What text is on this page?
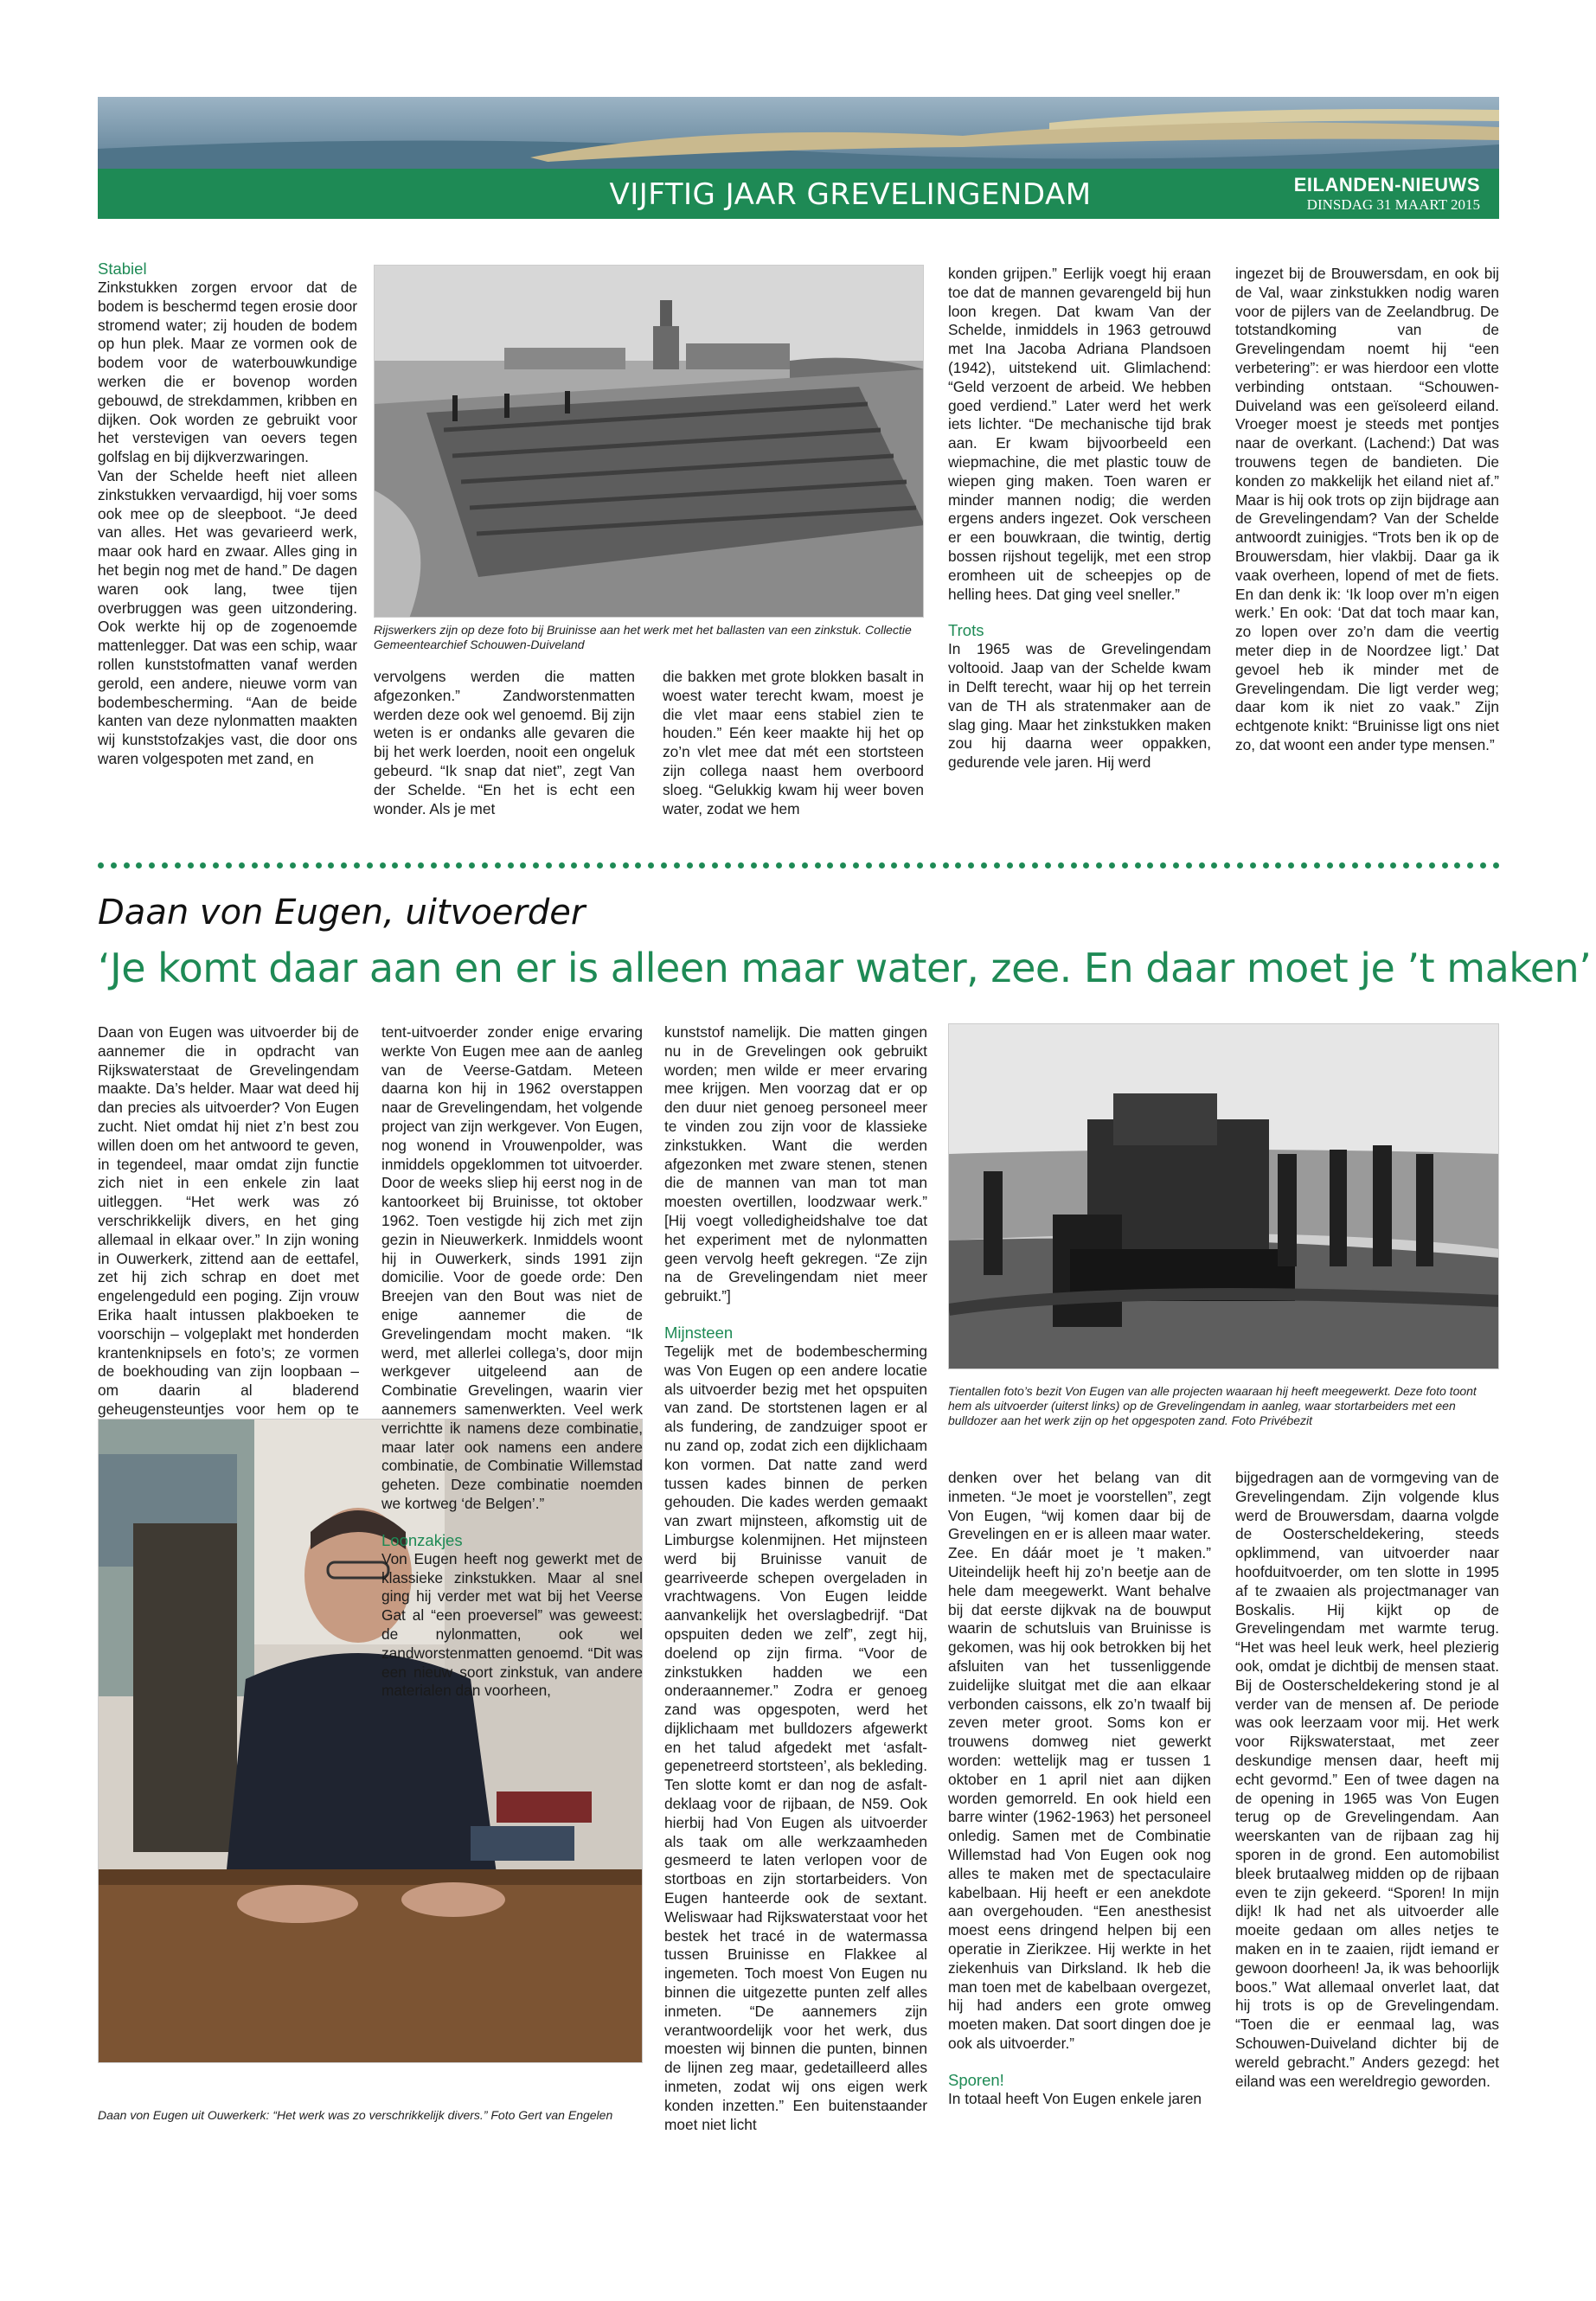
VIJFTIG JAAR GREVELINGENDAM	EILANDEN-NIEUWS
DINSDAG 31 MAART 2015
Stabiel

Zinkstukken zorgen ervoor dat de bodem is beschermd tegen erosie door stromend water; zij houden de bodem op hun plek. Maar ze vormen ook de bodem voor de waterbouwkundige werken die er bovenop worden gebouwd, de strekdammen, kribben en dijken. Ook worden ze gebruikt voor het verstevigen van oevers tegen golfslag en bij dijkverzwaringen.

Van der Schelde heeft niet alleen zinkstukken vervaardigd, hij voer soms ook mee op de sleepboot. “Je deed van alles. Het was gevarieerd werk, maar ook hard en zwaar. Alles ging in het begin nog met de hand.” De dagen waren ook lang, twee tijen overbruggen was geen uitzondering. Ook werkte hij op de zogenoemde mattenlegger. Dat was een schip, waar rollen kunststofmatten vanaf werden gerold, een andere, nieuwe vorm van bodembescherming. “Aan de beide kanten van deze nylonmatten maakten wij kunststofzakjes vast, die door ons waren volgespoten met zand, en

Rijswerkers zijn op deze foto bij Bruinisse aan het werk met het ballasten van een zinkstuk. Collectie Gemeentearchief Schouwen-Duiveland
vervolgens werden die matten afgezonken.” Zandworstenmatten werden deze ook wel genoemd. Bij zijn weten is er ondanks alle gevaren die bij het werk loerden, nooit een ongeluk gebeurd. “Ik snap dat niet”, zegt Van der Schelde. “En het is echt een wonder. Als je met
die bakken met grote blokken basalt in woest water terecht kwam, moest je die vlet maar eens stabiel zien te houden.” Eén keer maakte hij het op zo’n vlet mee dat mét een stortsteen zijn collega naast hem overboord sloeg. “Gelukkig kwam hij weer boven water, zodat we hem

konden grijpen.” Eerlijk voegt hij eraan toe dat de mannen gevarengeld bij hun loon kregen. Dat kwam Van der Schelde, inmiddels in 1963 getrouwd met Ina Jacoba Adriana Plandsoen (1942), uitstekend uit. Glimlachend: “Geld verzoent de arbeid. We hebben goed verdiend.” Later werd het werk iets lichter. “De mechanische tijd brak aan. Er kwam bijvoorbeeld een wiepmachine, die met plastic touw de wiepen ging maken. Toen waren er minder mannen nodig; die werden ergens anders ingezet. Ook verscheen er een bouwkraan, die twintig, dertig bossen rijshout tegelijk, met een strop eromheen uit de scheepjes op de helling hees. Dat ging veel sneller.”

Trots

In 1965 was de Grevelingendam voltooid. Jaap van der Schelde kwam in Delft terecht, waar hij op het terrein van de TH als stratenmaker aan de slag ging. Maar het zinkstukken maken zou hij daarna weer oppakken, gedurende vele jaren. Hij werd

ingezet bij de Brouwersdam, en ook bij de Val, waar zinkstukken nodig waren voor de pijlers van de Zeelandbrug. De totstandkoming van de Grevelingendam noemt hij “een verbetering”: er was hierdoor een vlotte verbinding ontstaan. “Schouwen-Duiveland was een geïsoleerd eiland. Vroeger moest je steeds met pontjes naar de overkant. (Lachend:) Dat was trouwens tegen de bandieten. Die konden zo makkelijk het eiland niet af.” Maar is hij ook trots op zijn bijdrage aan de Grevelingendam? Van der Schelde antwoordt zuinigjes. “Trots ben ik op de Brouwersdam, hier vlakbij. Daar ga ik vaak overheen, lopend of met de fiets. En dan denk ik: ‘Ik loop over m’n eigen werk.’ En ook: ‘Dat dat toch maar kan, zo lopen over zo’n dam die veertig meter diep in de Noordzee ligt.’ Dat gevoel heb ik minder met de Grevelingendam. Die ligt verder weg; daar kom ik niet zo vaak.” Zijn echtgenote knikt: “Bruinisse ligt ons niet zo, dat woont een ander type mensen.”
Daan von Eugen, uitvoerder
‘Je komt daar aan en er is alleen maar water, zee. En daar moet je ’t maken’

Daan von Eugen was uitvoerder bij de aannemer die in opdracht van Rijkswaterstaat de Grevelingendam maakte. Da’s helder. Maar wat deed hij dan precies als uitvoerder? Von Eugen zucht. Niet omdat hij niet z’n best zou willen doen om het antwoord te geven, in tegendeel, maar omdat zijn functie zich niet in een enkele zin laat uitleggen. “Het werk was zó verschrikkelijk divers, en het ging allemaal in elkaar over.” In zijn woning in Ouwerkerk, zittend aan de eettafel, zet hij zich schrap en doet met engelengeduld een poging. Zijn vrouw Erika haalt intussen plakboeken te voorschijn – volgeplakt met honderden krantenknipsels en foto’s; ze vormen de boekhouding van zijn loopbaan – om daarin al bladerend geheugensteuntjes voor hem op te

Daan von Eugen uit Ouwerkerk: “Het werk was zo verschrikkelijk divers.” Foto Gert van Engelen

tent-uitvoerder zonder enige ervaring werkte Von Eugen mee aan de aanleg van de Veerse-Gatdam. Meteen daarna kon hij in 1962 overstappen naar de Grevelingendam, het volgende project van zijn werkgever. Von Eugen, nog wonend in Vrouwenpolder, was inmiddels opgeklommen tot uitvoerder. Door de weeks sliep hij eerst nog in de kantoorkeet bij Bruinisse, tot oktober 1962. Toen vestigde hij zich met zijn gezin in Nieuwerkerk. Inmiddels woont hij in Ouwerkerk, sinds 1991 zijn domicilie. Voor de goede orde: Den Breejen van den Bout was niet de enige aannemer die de Grevelingendam mocht maken. “Ik werd, met allerlei collega’s, door mijn werkgever uitgeleend aan de Combinatie Grevelingen, waarin vier aannemers samenwerkten. Veel werk verrichtte ik namens deze combinatie, maar later ook namens een andere combinatie, de Combinatie Willemstad geheten. Deze combinatie noemden we kortweg ‘de Belgen’.”

Loonzakjes

Von Eugen heeft nog gewerkt met de klassieke zinkstukken. Maar al snel ging hij verder met wat bij het Veerse Gat al “een proeversel” was geweest: de nylonmatten, ook wel zandworstenmatten genoemd. “Dit was een nieuw soort zinkstuk, van andere materialen dan voorheen,

kunststof namelijk. Die matten gingen nu in de Grevelingen ook gebruikt worden; men wilde er meer ervaring mee krijgen. Men voorzag dat er op den duur niet genoeg personeel meer te vinden zou zijn voor de klassieke zinkstukken. Want die werden afgezonken met zware stenen, stenen die de mannen van man tot man moesten overtillen, loodzwaar werk.” [Hij voegt volledigheidshalve toe dat het experiment met de nylonmatten geen vervolg heeft gekregen. “Ze zijn na de Grevelingendam niet meer gebruikt.”]

Mijnsteen

Tegelijk met de bodembescherming was Von Eugen op een andere locatie als uitvoerder bezig met het opspuiten van zand. De stortstenen lagen er al als fundering, de zandzuiger spoot er nu zand op, zodat zich een dijklichaam kon vormen. Dat natte zand werd tussen kades binnen de perken gehouden. Die kades werden gemaakt van zwart mijnsteen, afkomstig uit de Limburgse kolenmijnen. Het mijnsteen werd bij Bruinisse vanuit de gearriveerde schepen overgeladen in vrachtwagens. Von Eugen leidde aanvankelijk het overslagbedrijf. “Dat opspuiten deden we zelf”, zegt hij, doelend op zijn firma. “Voor de zinkstukken hadden we een onderaannemer.” Zodra er genoeg zand was opgespoten, werd het dijklichaam met bulldozers afgewerkt en het talud afgedekt met ‘asfalt-gepenetreerd stortsteen’, als bekleding. Ten slotte komt er dan nog de asfalt-deklaag voor de rijbaan, de N59. Ook hierbij had Von Eugen als uitvoerder als taak om alle werkzaamheden gesmeerd te laten verlopen voor de stortboas en zijn stortarbeiders. Von Eugen hanteerde ook de sextant. Weliswaar had Rijkswaterstaat voor het bestek het tracé in de watermassa tussen Bruinisse en Flakkee al ingemeten. Toch moest Von Eugen nu binnen die uitgezette punten zelf alles inmeten. “De aannemers zijn verantwoordelijk voor het werk, dus moesten wij binnen die punten, binnen de lijnen zeg maar, gedetailleerd alles inmeten, zodat wij ons eigen werk konden inzetten.” Een buitenstaander moet niet licht

Tientallen foto’s bezit Von Eugen van alle projecten waaraan hij heeft meegewerkt. Deze foto toont hem als uitvoerder (uiterst links) op de Grevelingendam in aanleg, waar stortarbeiders met een bulldozer aan het werk zijn op het opgespoten zand. Foto Privébezit

denken over het belang van dit inmeten. “Je moet je voorstellen”, zegt Von Eugen, “wij komen daar bij de Grevelingen en er is alleen maar water. Zee. En dáár moet je ’t maken.” Uiteindelijk heeft hij zo’n beetje aan de hele dam meegewerkt. Want behalve bij dat eerste dijkvak na de bouwput waarin de schutsluis van Bruinisse is gekomen, was hij ook betrokken bij het afsluiten van het tussenliggende zuidelijke sluitgat met die aan elkaar verbonden caissons, elk zo’n twaalf bij zeven meter groot. Soms kon er trouwens domweg niet gewerkt worden: wettelijk mag er tussen 1 oktober en 1 april niet aan dijken worden gemorreld. En ook hield een barre winter (1962-1963) het personeel onledig. Samen met de Combinatie Willemstad had Von Eugen ook nog alles te maken met de spectaculaire kabelbaan. Hij heeft er een anekdote aan overgehouden. “Een anesthesist moest eens dringend helpen bij een operatie in Zierikzee. Hij werkte in het ziekenhuis van Dirksland. Ik heb die man toen met de kabelbaan overgezet, hij had anders een grote omweg moeten maken. Dat soort dingen doe je ook als uitvoerder.”

Sporen!

In totaal heeft Von Eugen enkele jaren

bijgedragen aan de vormgeving van de Grevelingendam. Zijn volgende klus werd de Brouwersdam, daarna volgde de Oosterscheldekering, steeds opklimmend, van uitvoerder naar hoofduitvoerder, om ten slotte in 1995 af te zwaaien als projectmanager van Boskalis. Hij kijkt op de Grevelingendam met warmte terug. “Het was heel leuk werk, heel plezierig ook, omdat je dichtbij de mensen staat. Bij de Oosterscheldekering stond je al verder van de mensen af. De periode was ook leerzaam voor mij. Het werk voor Rijkswaterstaat, met zeer deskundige mensen daar, heeft mij echt gevormd.” Een of twee dagen na de opening in 1965 was Von Eugen terug op de Grevelingendam. Aan weerskanten van de rijbaan zag hij sporen in de grond. Een automobilist bleek brutaalweg midden op de rijbaan even te zijn gekeerd. “Sporen! In mijn dijk! Ik had net als uitvoerder alle moeite gedaan om alles netjes te maken en in te zaaien, rijdt iemand er gewoon doorheen! Ja, ik was behoorlijk boos.” Wat allemaal onverlet laat, dat hij trots is op de Grevelingendam. “Toen die er eenmaal lag, was Schouwen-Duiveland dichter bij de wereld gebracht.” Anders gezegd: het eiland was een wereldregio geworden.
